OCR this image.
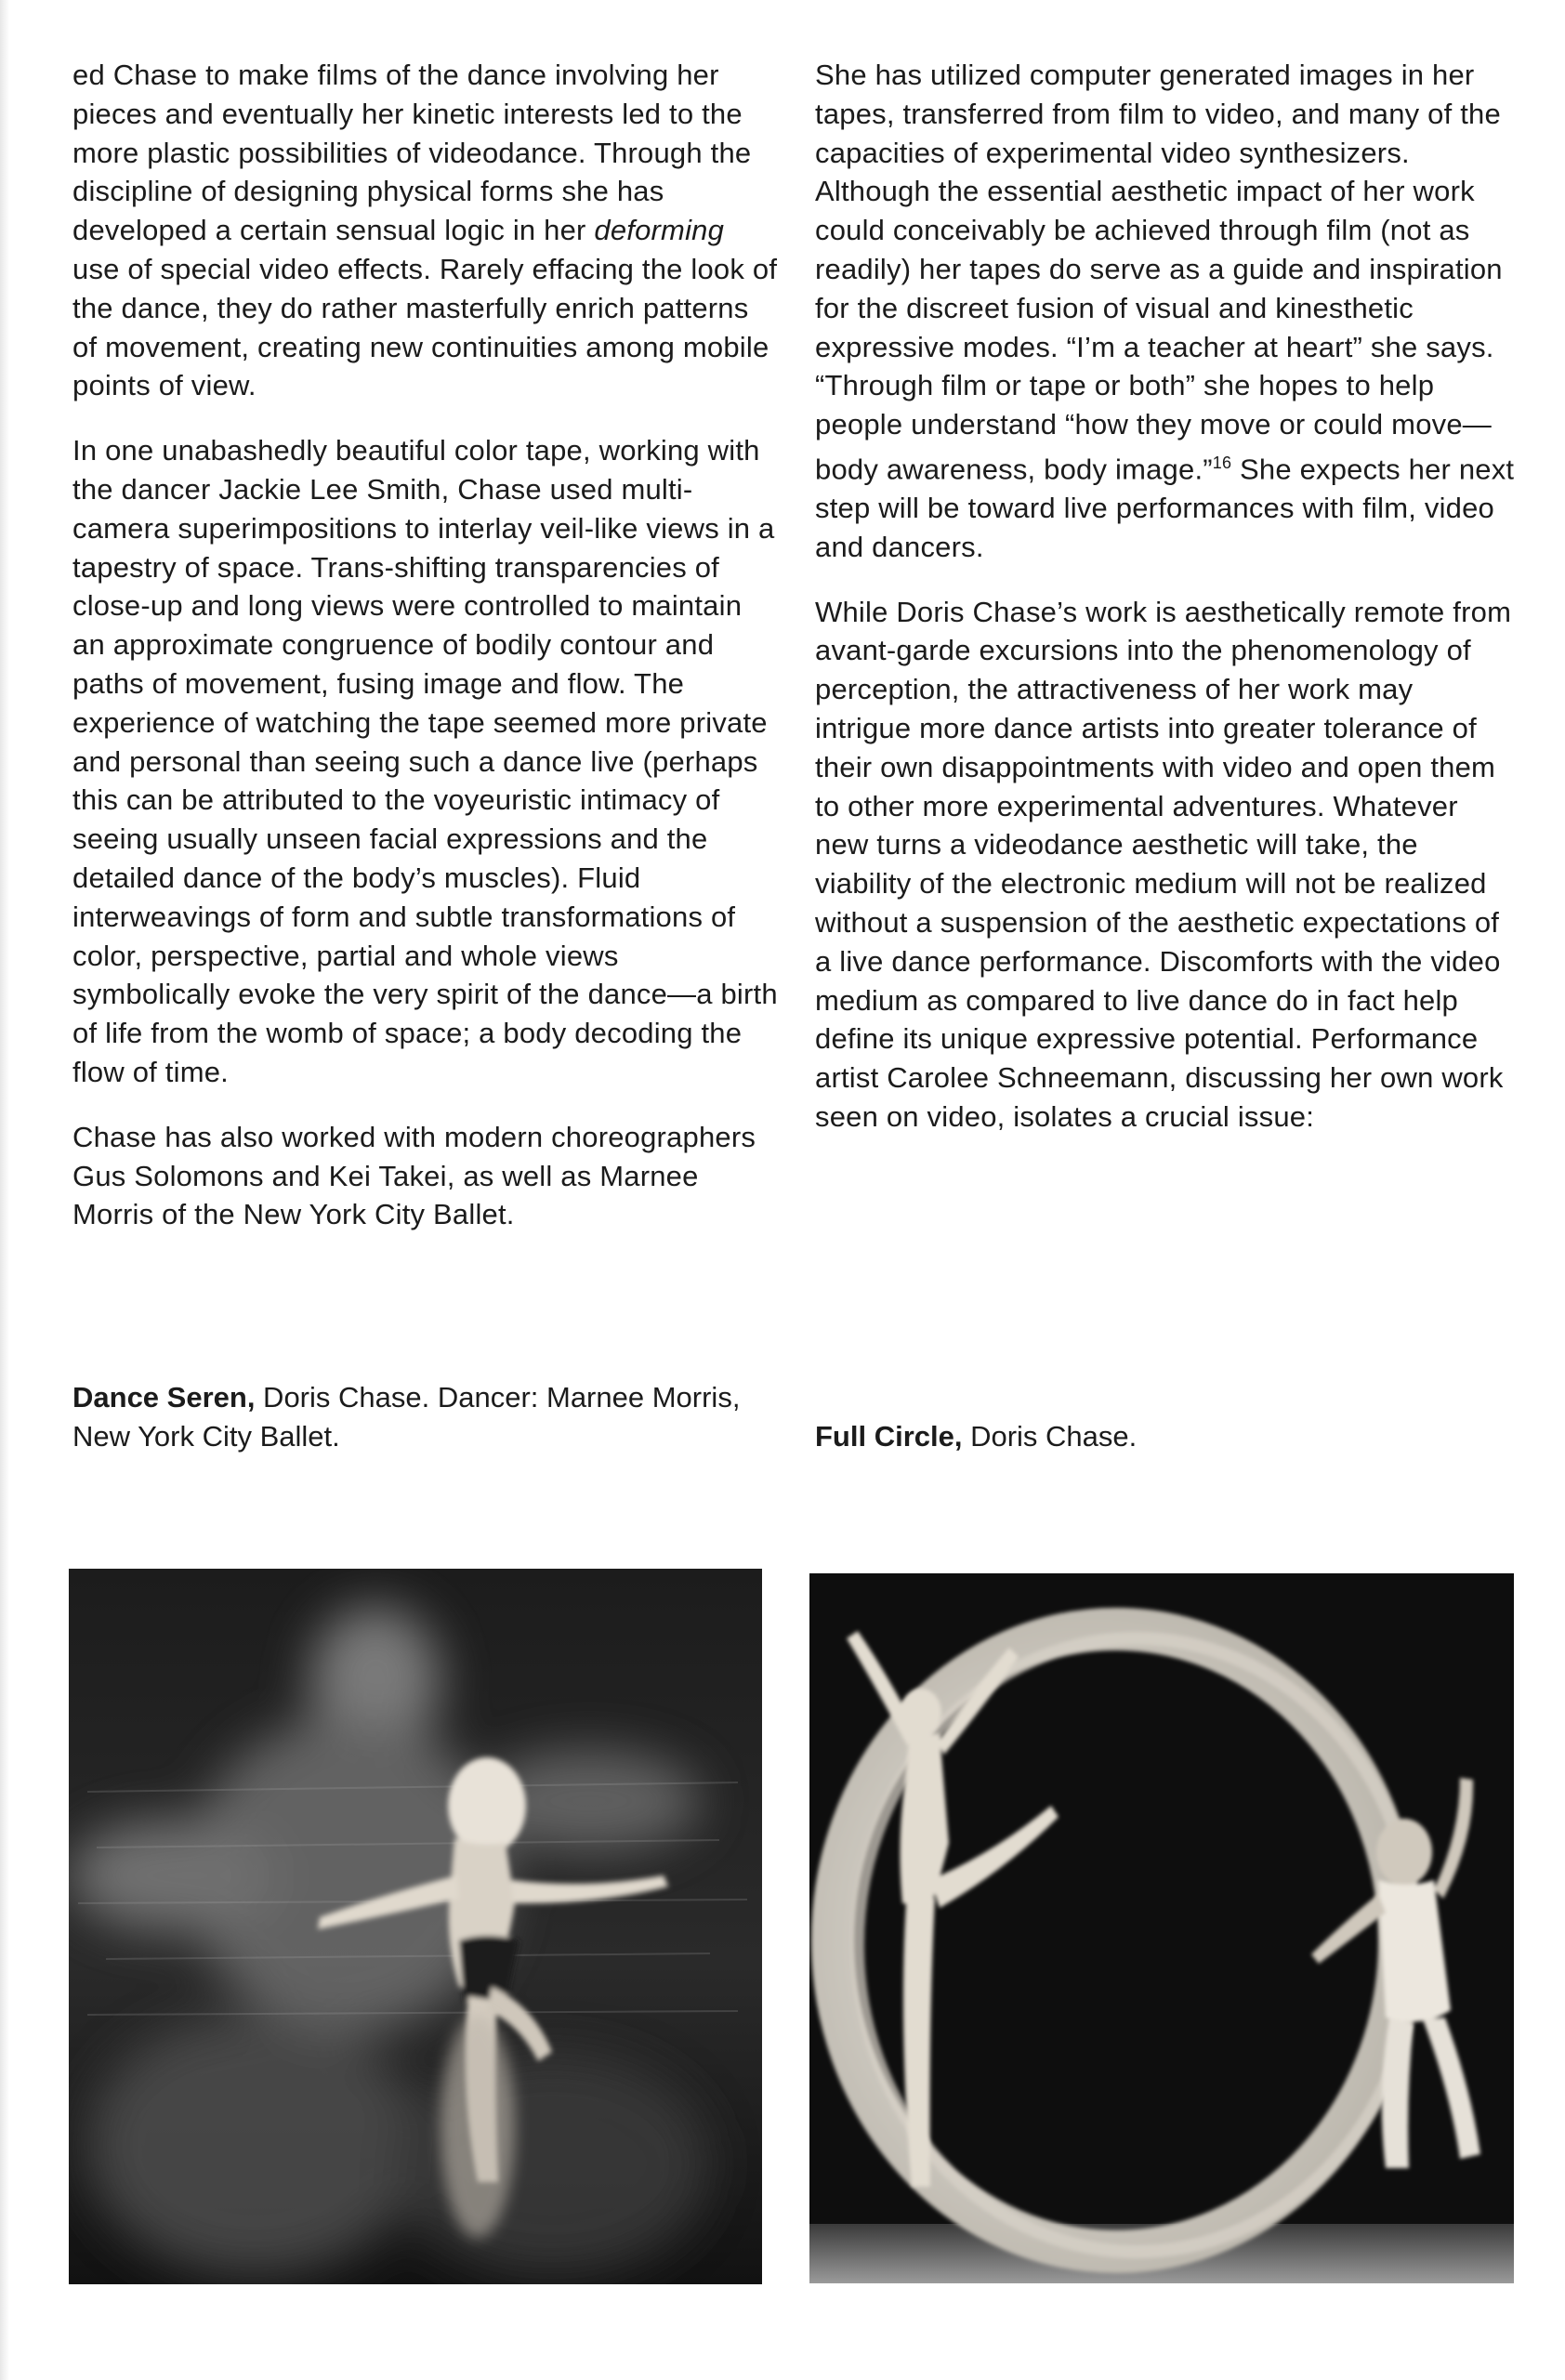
ed Chase to make films of the dance involving her pieces and eventually her kinetic interests led to the more plastic possibilities of videodance. Through the discipline of designing physical forms she has developed a certain sensual logic in her deforming use of special video effects. Rarely effacing the look of the dance, they do rather masterfully enrich patterns of movement, creating new continuities among mobile points of view.

In one unabashedly beautiful color tape, working with the dancer Jackie Lee Smith, Chase used multi-camera superimpositions to interlay veil-like views in a tapestry of space. Trans-shifting transparencies of close-up and long views were controlled to maintain an approximate congruence of bodily contour and paths of movement, fusing image and flow. The experience of watching the tape seemed more private and personal than seeing such a dance live (perhaps this can be attributed to the voyeuristic intimacy of seeing usually unseen facial expressions and the detailed dance of the body’s muscles). Fluid interweavings of form and subtle transformations of color, perspective, partial and whole views symbolically evoke the very spirit of the dance—a birth of life from the womb of space; a body decoding the flow of time.

Chase has also worked with modern choreographers Gus Solomons and Kei Takei, as well as Marnee Morris of the New York City Ballet.

She has utilized computer generated images in her tapes, transferred from film to video, and many of the capacities of experimental video synthesizers. Although the essential aesthetic impact of her work could conceivably be achieved through film (not as readily) her tapes do serve as a guide and inspiration for the discreet fusion of visual and kinesthetic expressive modes. “I’m a teacher at heart” she says. “Through film or tape or both” she hopes to help people understand “how they move or could move—body awareness, body image.”$^{16}$ She expects her next step will be toward live performances with film, video and dancers.

While Doris Chase’s work is aesthetically remote from avant-garde excursions into the phenomenology of perception, the attractiveness of her work may intrigue more dance artists into greater tolerance of their own disappointments with video and open them to other more experimental adventures. Whatever new turns a videodance aesthetic will take, the viability of the electronic medium will not be realized without a suspension of the aesthetic expectations of a live dance performance. Discomforts with the video medium as compared to live dance do in fact help define its unique expressive potential. Performance artist Carolee Schneemann, discussing her own work seen on video, isolates a crucial issue:

Dance Seren, Doris Chase. Dancer: Marnee Morris, New York City Ballet.	Full Circle, Doris Chase.
